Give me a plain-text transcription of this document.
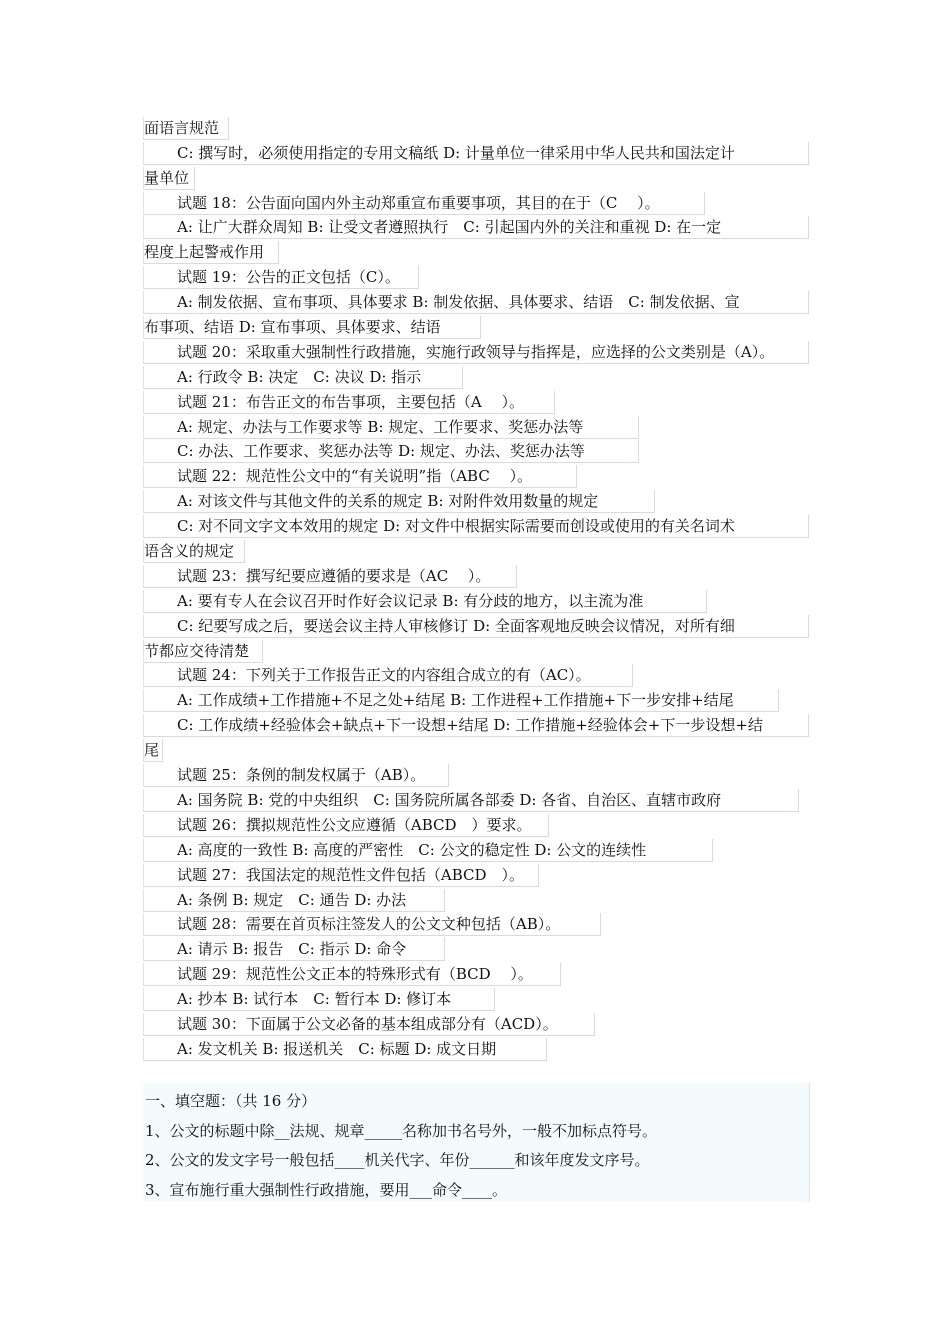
面语言规范
C: 撰写时，必须使用指定的专用文稿纸 D: 计量单位一律采用中华人民共和国法定计
量单位
试题 18：公告面向国内外主动郑重宣布重要事项，其目的在于（C　 ）。
A: 让广大群众周知 B: 让受文者遵照执行　C: 引起国内外的关注和重视 D: 在一定
程度上起警戒作用
试题 19：公告的正文包括（C）。
A: 制发依据、宣布事项、具体要求 B: 制发依据、具体要求、结语　C: 制发依据、宣
布事项、结语 D: 宣布事项、具体要求、结语
试题 20：采取重大强制性行政措施，实施行政领导与指挥是，应选择的公文类别是（A）。
A: 行政令 B: 决定　C: 决议 D: 指示
试题 21：布告正文的布告事项，主要包括（A　 ）。
A: 规定、办法与工作要求等 B: 规定、工作要求、奖惩办法等
C: 办法、工作要求、奖惩办法等 D: 规定、办法、奖惩办法等
试题 22：规范性公文中的“有关说明”指（ABC　 ）。
A: 对该文件与其他文件的关系的规定 B: 对附件效用数量的规定
C: 对不同文字文本效用的规定 D: 对文件中根据实际需要而创设或使用的有关名词术
语含义的规定
试题 23：撰写纪要应遵循的要求是（AC　 ）。
A: 要有专人在会议召开时作好会议记录 B: 有分歧的地方，以主流为准
C: 纪要写成之后，要送会议主持人审核修订 D: 全面客观地反映会议情况，对所有细
节都应交待清楚
试题 24：下列关于工作报告正文的内容组合成立的有（AC）。
A: 工作成绩+工作措施+不足之处+结尾 B: 工作进程+工作措施+下一步安排+结尾
C: 工作成绩+经验体会+缺点+下一设想+结尾 D: 工作措施+经验体会+下一步设想+结
尾
试题 25：条例的制发权属于（AB）。
A: 国务院 B: 党的中央组织　C: 国务院所属各部委 D: 各省、自治区、直辖市政府
试题 26：撰拟规范性公文应遵循（ABCD　）要求。
A: 高度的一致性 B: 高度的严密性　C: 公文的稳定性 D: 公文的连续性
试题 27：我国法定的规范性文件包括（ABCD　）。
A: 条例 B: 规定　C: 通告 D: 办法
试题 28：需要在首页标注签发人的公文文种包括（AB）。
A: 请示 B: 报告　C: 指示 D: 命令
试题 29：规范性公文正本的特殊形式有（BCD　 ）。
A: 抄本 B: 试行本　C: 暂行本 D: 修订本
试题 30：下面属于公文必备的基本组成部分有（ACD）。
A: 发文机关 B: 报送机关　C: 标题 D: 成文日期
一、填空题：（共 16 分）
1、公文的标题中除__法规、规章_____名称加书名号外，一般不加标点符号。
2、公文的发文字号一般包括____机关代字、年份______和该年度发文序号。
3、宣布施行重大强制性行政措施，要用___命令____。
